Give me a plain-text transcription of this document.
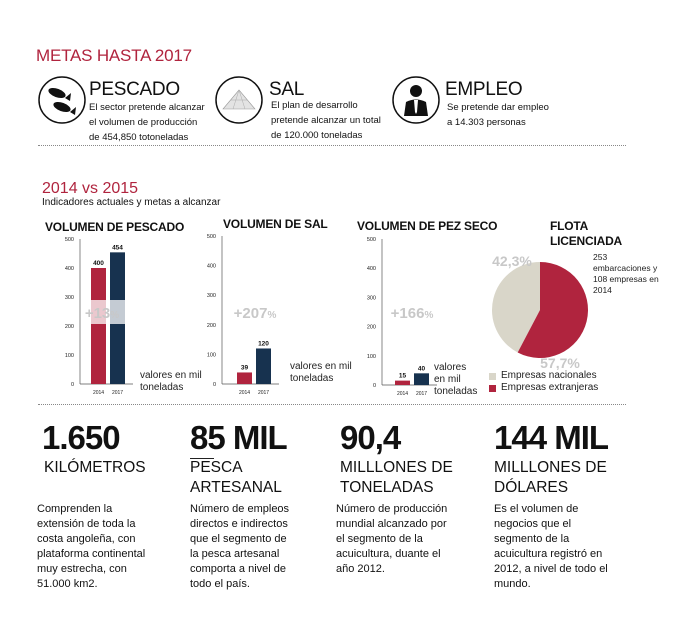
METAS HASTA 2017
PESCADO
El sector pretende alcanzar
el volumen de producción
de 454,850 totoneladas
SAL
El plan de desarrollo
pretende alcanzar un total
de 120.000 toneladas
EMPLEO
Se pretende dar empleo
a 14.303 personas
2014 vs 2015
Indicadores actuales y metas a alcanzar
VOLUMEN DE PESCADO	VOLUMEN DE SAL VOLUMEN DE PEZ SECO
0
100
200
300
400
500
400
2014
454
2017
+13%
0
100
200
300
400
500
39
2014
120
2017
+207%
0
100
200
300
400
500
15
2014
40
2017
+166%
valores en mil
toneladas
valores en mil
toneladas
valores en mil
toneladas
FLOTA LICENCIADA
253
embarcaciones y
108 empresas en
2014
42,3%
57,7%
Empresas nacionales
Empresas extranjeras
1.650
KILÓMETROS
Comprenden la
extensión de toda la
costa angoleña, con
plataforma continental
muy estrecha, con
51.000 km2.
85 MIL
PESCA
ARTESANAL
Número de empleos
directos e indirectos
que el segmento de
la pesca artesanal
comporta a nivel de
todo el país.
90,4
MILLLONES DE
TONELADAS
Número de producción
mundial alcanzado por
el segmento de la
acuicultura, duante el
año 2012.
144 MIL
MILLLONES DE
DÓLARES
Es el volumen de
negocios que el
segmento de la
acuicultura registró en
2012, a nivel de todo el
mundo.
